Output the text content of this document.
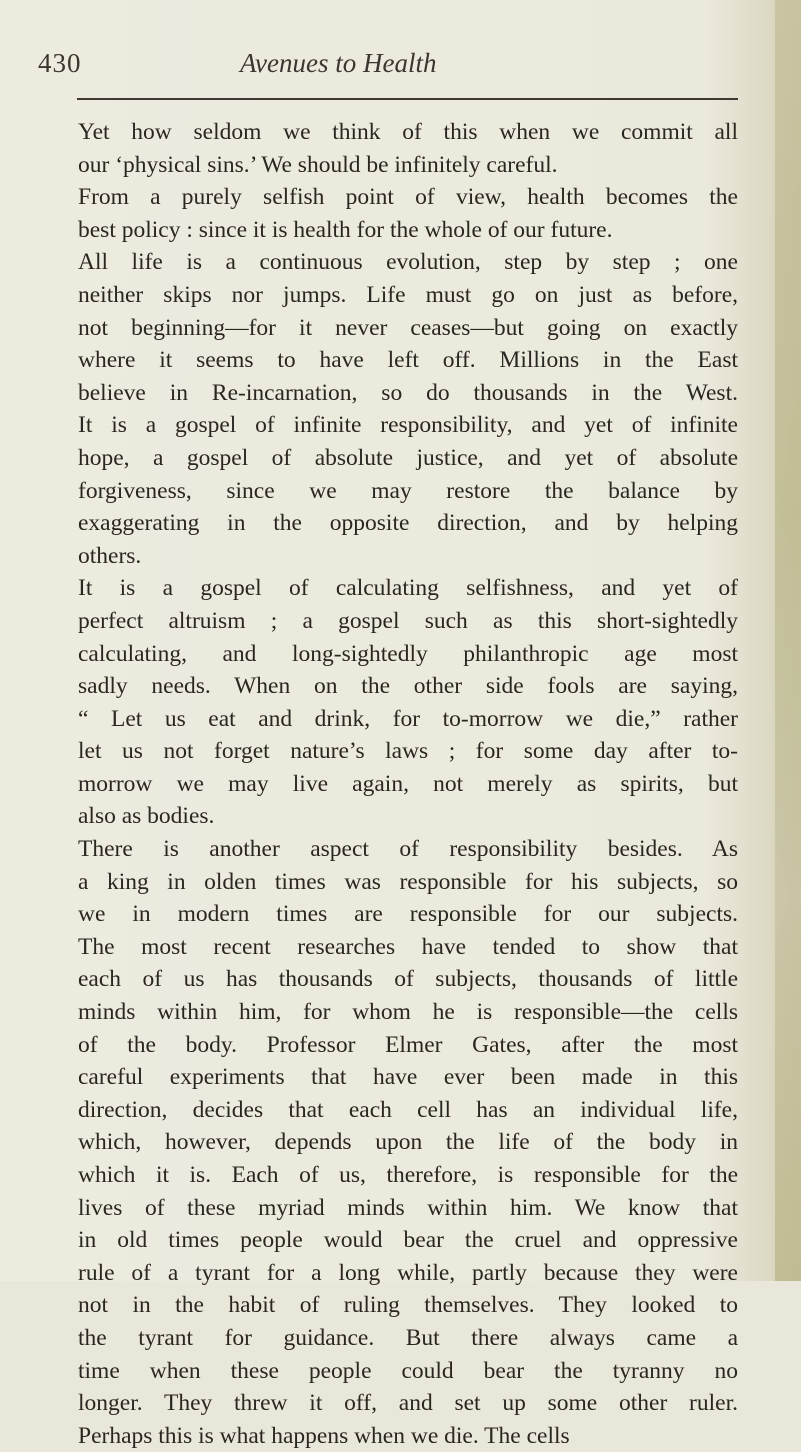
430	Avenues to Health

Yet how seldom we think of this when we commit all
our ‘physical sins.’ We should be infinitely careful.

From a purely selfish point of view, health becomes the
best policy : since it is health for the whole of our future.

All life is a continuous evolution, step by step ; one
neither skips nor jumps. Life must go on just as before,
not beginning—for it never ceases—but going on exactly
where it seems to have left off. Millions in the East
believe in Re-incarnation, so do thousands in the West.
It is a gospel of infinite responsibility, and yet of infinite
hope, a gospel of absolute justice, and yet of absolute
forgiveness, since we may restore the balance by
exaggerating in the opposite direction, and by helping
others.

It is a gospel of calculating selfishness, and yet of
perfect altruism ; a gospel such as this short-sightedly
calculating, and long-sightedly philanthropic age most
sadly needs. When on the other side fools are saying,
“ Let us eat and drink, for to-morrow we die,” rather
let us not forget nature’s laws ; for some day after to-
morrow we may live again, not merely as spirits, but
also as bodies.

There is another aspect of responsibility besides. As
a king in olden times was responsible for his subjects, so
we in modern times are responsible for our subjects.
The most recent researches have tended to show that
each of us has thousands of subjects, thousands of little
minds within him, for whom he is responsible—the cells
of the body. Professor Elmer Gates, after the most
careful experiments that have ever been made in this
direction, decides that each cell has an individual life,
which, however, depends upon the life of the body in
which it is. Each of us, therefore, is responsible for the
lives of these myriad minds within him. We know that
in old times people would bear the cruel and oppressive
rule of a tyrant for a long while, partly because they were
not in the habit of ruling themselves. They looked to
the tyrant for guidance. But there always came a
time when these people could bear the tyranny no
longer. They threw it off, and set up some other ruler.
Perhaps this is what happens when we die. The cells
